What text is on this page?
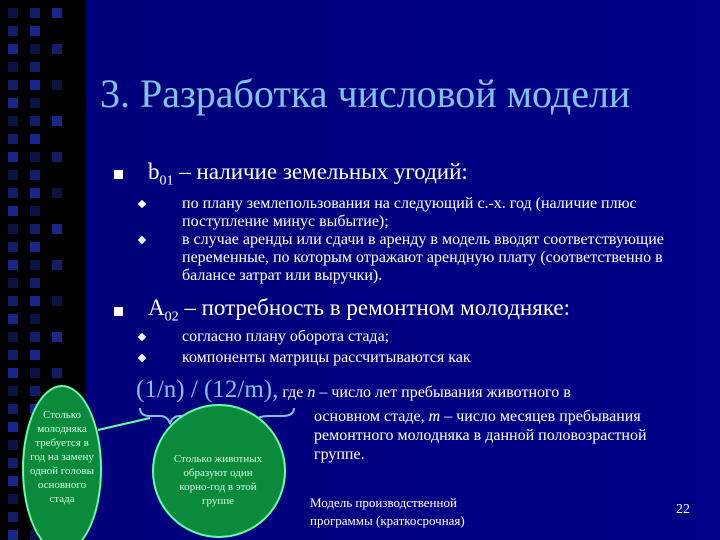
3. Разработка числовой модели
$b_{01}$ – наличие земельных угодий:
по плану землепользования на следующий с.-х. год (наличие плюс поступление минус выбытие);
в случае аренды или сдачи в аренду в модель вводят соответствующие переменные, по которым отражают арендную плату (соответственно в балансе затрат или выручки).
$A_{02}$ – потребность в ремонтном молодняке:
согласно плану оборота стада;
компоненты матрицы рассчитываются как
(1/n) / (12/m), где n – число лет пребывания животного в
основном стаде, m – число месяцев пребывания
ремонтного молодняка в данной половозрастной
группе.
Столько молодняка требуется в год на замену одной головы основного стада
Столько животных образуют один корно-год в этой группе	Модель производственной программы (краткосрочная)
22
